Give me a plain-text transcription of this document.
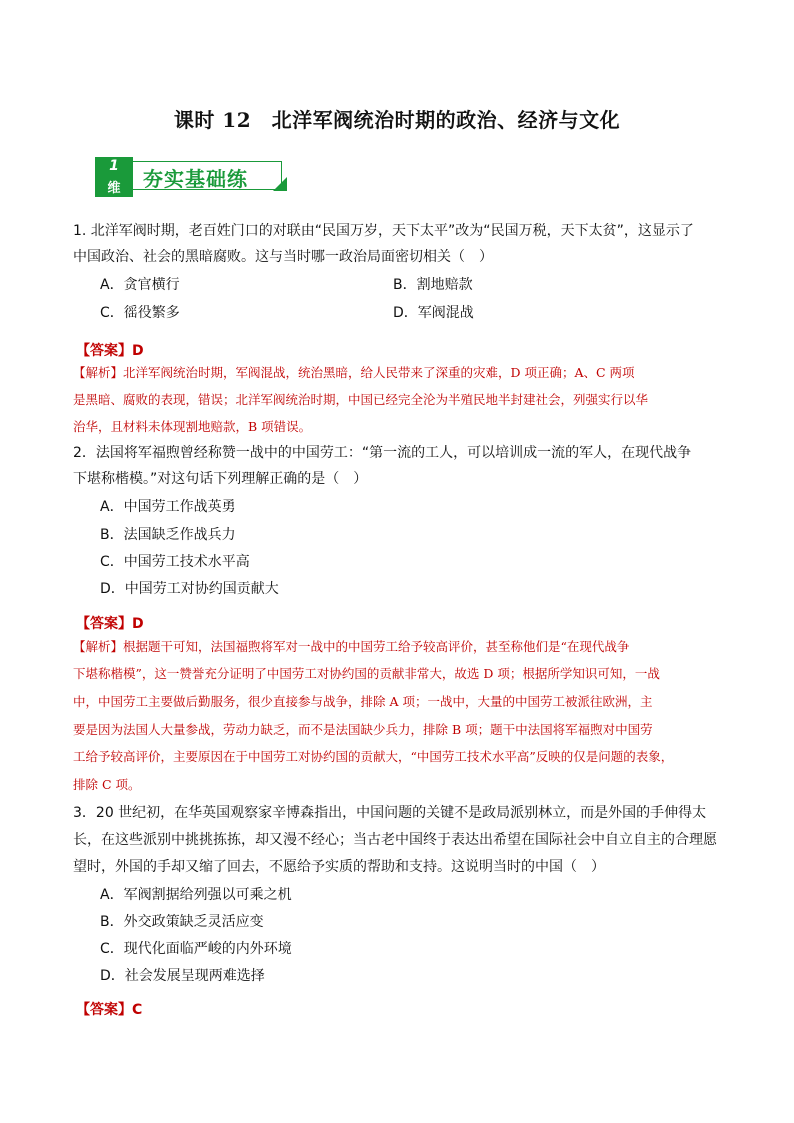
课时 12　北洋军阀统治时期的政治、经济与文化
1
维	夯实基础练
1. 北洋军阀时期，老百姓门口的对联由“民国万岁，天下太平”改为“民国万税，天下太贫”，这显示了
中国政治、社会的黑暗腐败。这与当时哪一政治局面密切相关（　）
A．贪官横行	B．割地赔款
C．徭役繁多	D．军阀混战
【答案】D
【解析】北洋军阀统治时期，军阀混战，统治黑暗，给人民带来了深重的灾难，D 项正确；A、C 两项
是黑暗、腐败的表现，错误；北洋军阀统治时期，中国已经完全沦为半殖民地半封建社会，列强实行以华
治华，且材料未体现割地赔款，B 项错误。
2．法国将军福煦曾经称赞一战中的中国劳工：“第一流的工人，可以培训成一流的军人，在现代战争
下堪称楷模。”对这句话下列理解正确的是（　）
A．中国劳工作战英勇
B．法国缺乏作战兵力
C．中国劳工技术水平高
D．中国劳工对协约国贡献大
【答案】D
【解析】根据题干可知，法国福煦将军对一战中的中国劳工给予较高评价，甚至称他们是“在现代战争
下堪称楷模”，这一赞誉充分证明了中国劳工对协约国的贡献非常大，故选 D 项；根据所学知识可知，一战
中，中国劳工主要做后勤服务，很少直接参与战争，排除 A 项；一战中，大量的中国劳工被派往欧洲，主
要是因为法国人大量参战，劳动力缺乏，而不是法国缺少兵力，排除 B 项；题干中法国将军福煦对中国劳
工给予较高评价，主要原因在于中国劳工对协约国的贡献大，“中国劳工技术水平高”反映的仅是问题的表象，
排除 C 项。
3．20 世纪初，在华英国观察家辛博森指出，中国问题的关键不是政局派别林立，而是外国的手伸得太
长，在这些派别中挑挑拣拣，却又漫不经心；当古老中国终于表达出希望在国际社会中自立自主的合理愿
望时，外国的手却又缩了回去，不愿给予实质的帮助和支持。这说明当时的中国（　）
A．军阀割据给列强以可乘之机
B．外交政策缺乏灵活应变
C．现代化面临严峻的内外环境
D．社会发展呈现两难选择
【答案】C
